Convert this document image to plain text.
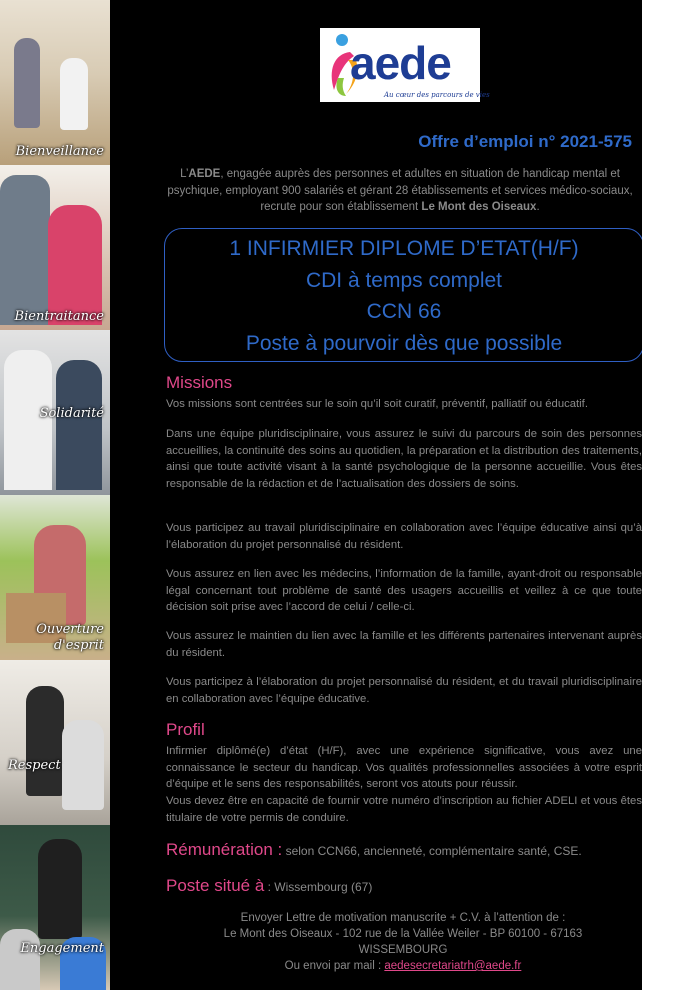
Bienveillance
Bientraitance
Solidarité
Ouverture
d'esprit
Respect
Engagement
aede
Au cœur des parcours de vies
Offre d’emploi n° 2021-575
L’AEDE, engagée auprès des personnes et adultes en situation de handicap mental et psychique, employant 900 salariés et gérant 28 établissements et services médico-sociaux, recrute pour son établissement Le Mont des Oiseaux.
1 INFIRMIER DIPLOME D’ETAT(H/F)
CDI à temps complet
CCN 66
Poste à pourvoir dès que possible
Missions
Vos missions sont centrées sur le soin qu’il soit curatif, préventif, palliatif ou éducatif.
Dans une équipe pluridisciplinaire, vous assurez le suivi du parcours de soin des personnes accueillies, la continuité des soins au quotidien, la préparation et la distribution des traitements, ainsi que toute activité visant à la santé psychologique de la personne accueillie. Vous êtes responsable de la rédaction et de l’actualisation des dossiers de soins.
Vous participez au travail pluridisciplinaire en collaboration avec l’équipe éducative ainsi qu’à l’élaboration du projet personnalisé du résident.
Vous assurez en lien avec les médecins, l’information de la famille, ayant-droit ou responsable légal concernant tout problème de santé des usagers accueillis et veillez à ce que toute décision soit prise avec l’accord de celui / celle-ci.
Vous assurez le maintien du lien avec la famille et les différents partenaires intervenant auprès du résident.
Vous participez à l’élaboration du projet personnalisé du résident, et du travail pluridisciplinaire en collaboration avec l’équipe éducative.
Profil
Infirmier diplômé(e) d’état (H/F), avec une expérience significative, vous avez une connaissance le secteur du handicap. Vos qualités professionnelles associées à votre esprit d’équipe et le sens des responsabilités, seront vos atouts pour réussir.
Vous devez être en capacité de fournir votre numéro d’inscription au fichier ADELI et vous êtes titulaire de votre permis de conduire.
Rémunération : selon CCN66, ancienneté, complémentaire santé, CSE.
Poste situé à : Wissembourg (67)
Envoyer Lettre de motivation manuscrite + C.V. à l’attention de :
Le Mont des Oiseaux - 102 rue de la Vallée Weiler - BP 60100 - 67163
WISSEMBOURG
Ou envoi par mail : aedesecretariatrh@aede.fr
